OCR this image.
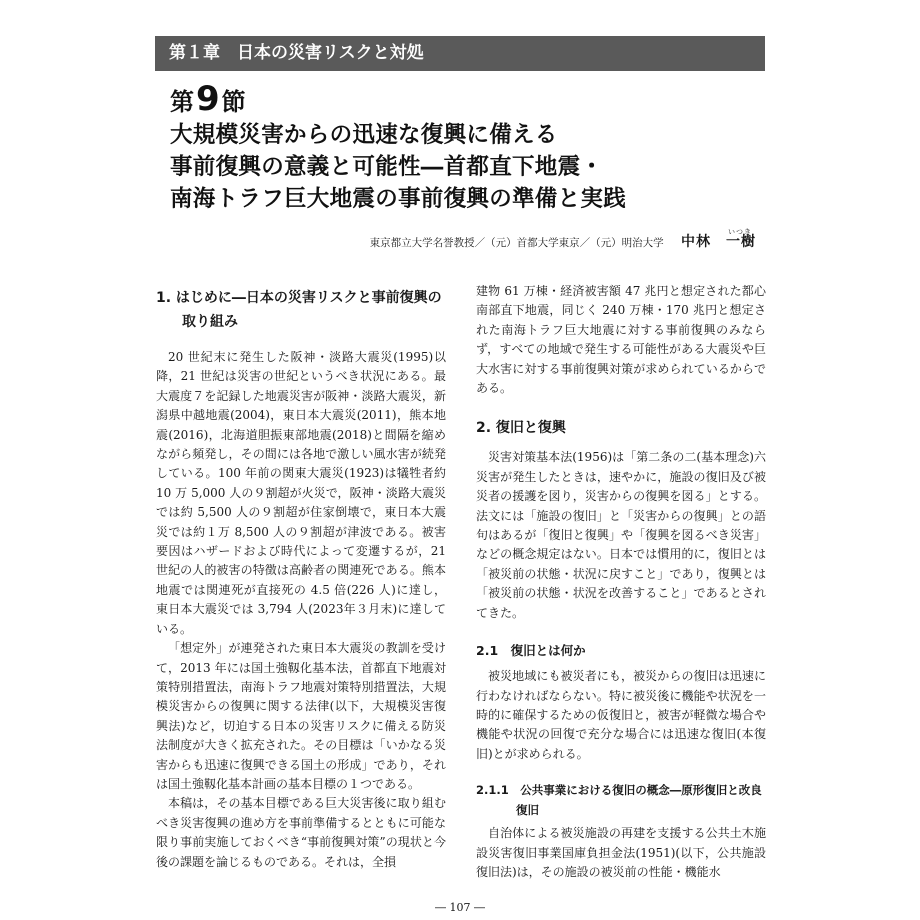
第１章　日本の災害リスクと対処
第9節
大規模災害からの迅速な復興に備える
事前復興の意義と可能性―首都直下地震・
南海トラフ巨大地震の事前復興の準備と実践
東京都立大学名誉教授／（元）首都大学東京／（元）明治大学 中林　一樹
いつき
1. はじめに―日本の災害リスクと事前復興の取り組み

20 世紀末に発生した阪神・淡路大震災(1995)以降，21 世紀は災害の世紀というべき状況にある。最大震度７を記録した地震災害が阪神・淡路大震災，新潟県中越地震(2004)，東日本大震災(2011)，熊本地震(2016)，北海道胆振東部地震(2018)と間隔を縮めながら頻発し，その間には各地で激しい風水害が続発している。100 年前の関東大震災(1923)は犠牲者約 10 万 5,000 人の９割超が火災で，阪神・淡路大震災では約 5,500 人の９割超が住家倒壊で，東日本大震災では約１万 8,500 人の９割超が津波である。被害要因はハザードおよび時代によって変遷するが，21 世紀の人的被害の特徴は高齢者の関連死である。熊本地震では関連死が直接死の 4.5 倍(226 人)に達し，東日本大震災では 3,794 人(2023年３月末)に達している。

「想定外」が連発された東日本大震災の教訓を受けて，2013 年には国土強靱化基本法，首都直下地震対策特別措置法，南海トラフ地震対策特別措置法，大規模災害からの復興に関する法律(以下，大規模災害復興法)など，切迫する日本の災害リスクに備える防災法制度が大きく拡充された。その目標は「いかなる災害からも迅速に復興できる国土の形成」であり，それは国土強靱化基本計画の基本目標の１つである。

本稿は，その基本目標である巨大災害後に取り組むべき災害復興の進め方を事前準備するとともに可能な限り事前実施しておくべき“事前復興対策”の現状と今後の課題を論じるものである。それは，全損

建物 61 万棟・経済被害額 47 兆円と想定された都心南部直下地震，同じく 240 万棟・170 兆円と想定された南海トラフ巨大地震に対する事前復興のみならず，すべての地域で発生する可能性がある大震災や巨大水害に対する事前復興対策が求められているからである。

2. 復旧と復興

災害対策基本法(1956)は「第二条の二(基本理念)六 災害が発生したときは，速やかに，施設の復旧及び被災者の援護を図り，災害からの復興を図る」とする。法文には「施設の復旧」と「災害からの復興」との語句はあるが「復旧と復興」や「復興を図るべき災害」などの概念規定はない。日本では慣用的に，復旧とは「被災前の状態・状況に戻すこと」であり，復興とは「被災前の状態・状況を改善すること」であるとされてきた。

2.1　復旧とは何か

被災地域にも被災者にも，被災からの復旧は迅速に行わなければならない。特に被災後に機能や状況を一時的に確保するための仮復旧と，被害が軽微な場合や機能や状況の回復で充分な場合には迅速な復旧(本復旧)とが求められる。

2.1.1　公共事業における復旧の概念―原形復旧と改良復旧

自治体による被災施設の再建を支援する公共土木施設災害復旧事業国庫負担金法(1951)(以下，公共施設復旧法)は，その施設の被災前の性能・機能水

― 107 ―
